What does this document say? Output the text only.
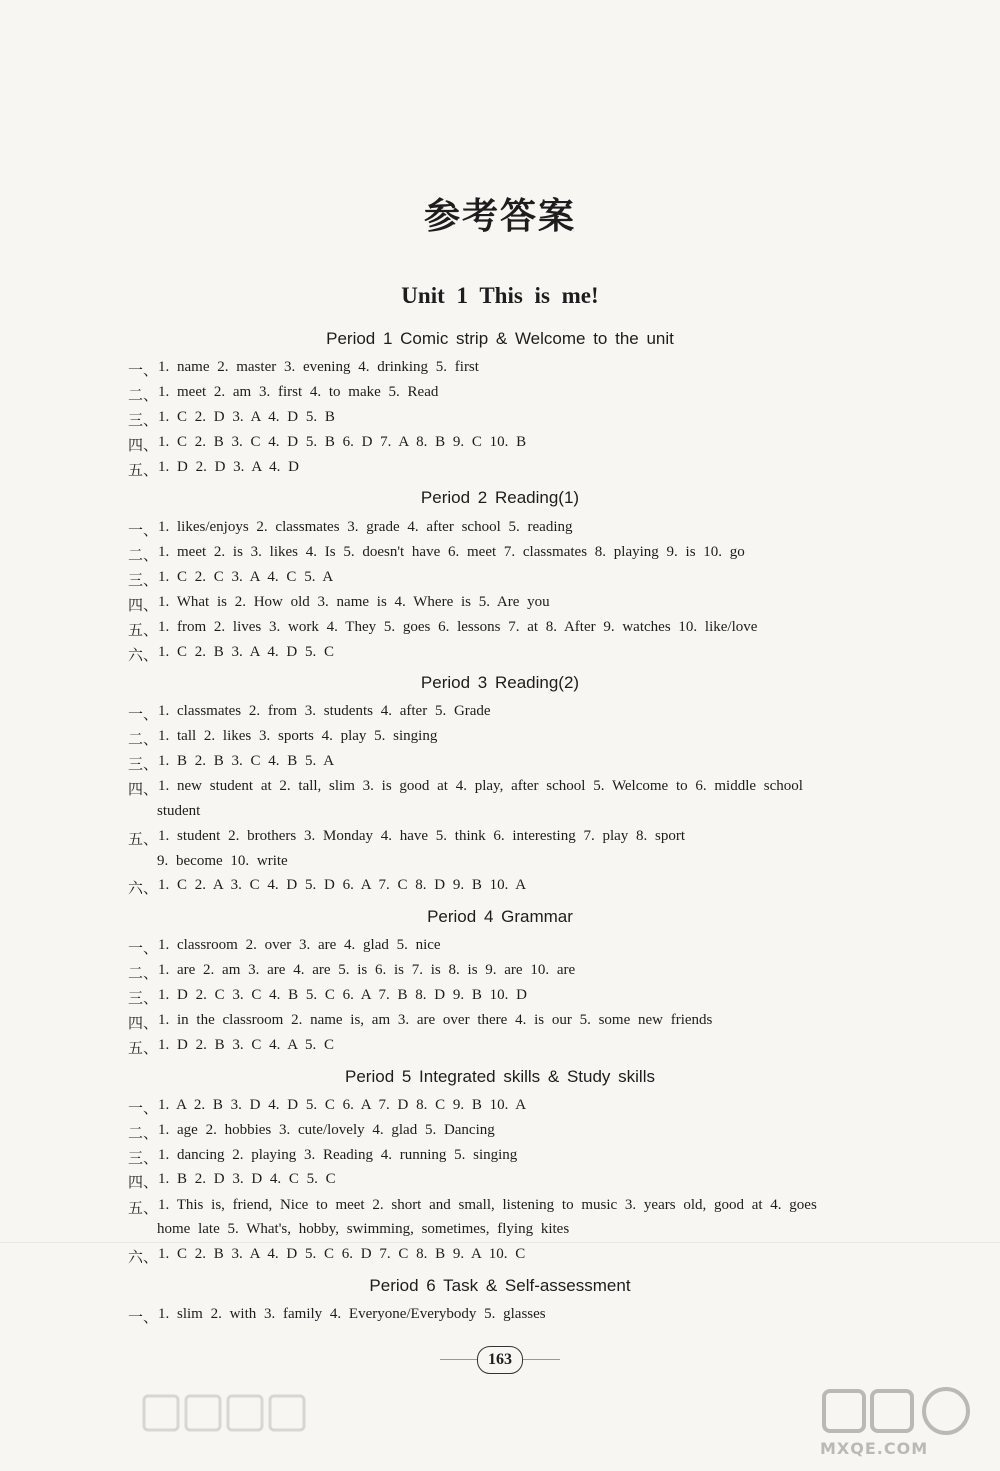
参考答案
Unit 1 This is me!
Period 1 Comic strip & Welcome to the unit
一、 1. name 2. master 3. evening 4. drinking 5. first
二、 1. meet 2. am 3. first 4. to make 5. Read
三、 1. C 2. D 3. A 4. D 5. B
四、 1. C 2. B 3. C 4. D 5. B 6. D 7. A 8. B 9. C 10. B
五、 1. D 2. D 3. A 4. D
Period 2 Reading(1)
一、 1. likes/enjoys 2. classmates 3. grade 4. after school 5. reading
二、 1. meet 2. is 3. likes 4. Is 5. doesn't have 6. meet 7. classmates 8. playing 9. is 10. go
三、 1. C 2. C 3. A 4. C 5. A
四、 1. What is 2. How old 3. name is 4. Where is 5. Are you
五、 1. from 2. lives 3. work 4. They 5. goes 6. lessons 7. at 8. After 9. watches 10. like/love
六、 1. C 2. B 3. A 4. D 5. C
Period 3 Reading(2)
一、 1. classmates 2. from 3. students 4. after 5. Grade
二、 1. tall 2. likes 3. sports 4. play 5. singing
三、 1. B 2. B 3. C 4. B 5. A
四、 1. new student at 2. tall, slim 3. is good at 4. play, after school 5. Welcome to 6. middle school
student
五、 1. student 2. brothers 3. Monday 4. have 5. think 6. interesting 7. play 8. sport
9. become 10. write
六、 1. C 2. A 3. C 4. D 5. D 6. A 7. C 8. D 9. B 10. A
Period 4 Grammar
一、 1. classroom 2. over 3. are 4. glad 5. nice
二、 1. are 2. am 3. are 4. are 5. is 6. is 7. is 8. is 9. are 10. are
三、 1. D 2. C 3. C 4. B 5. C 6. A 7. B 8. D 9. B 10. D
四、 1. in the classroom 2. name is, am 3. are over there 4. is our 5. some new friends
五、 1. D 2. B 3. C 4. A 5. C
Period 5 Integrated skills & Study skills
一、 1. A 2. B 3. D 4. D 5. C 6. A 7. D 8. C 9. B 10. A
二、 1. age 2. hobbies 3. cute/lovely 4. glad 5. Dancing
三、 1. dancing 2. playing 3. Reading 4. running 5. singing
四、 1. B 2. D 3. D 4. C 5. C
五、 1. This is, friend, Nice to meet 2. short and small, listening to music 3. years old, good at 4. goes
home late 5. What's, hobby, swimming, sometimes, flying kites
六、 1. C 2. B 3. A 4. D 5. C 6. D 7. C 8. B 9. A 10. C
Period 6 Task & Self-assessment
一、 1. slim 2. with 3. family 4. Everyone/Everybody 5. glasses
163
MXQE.COM
